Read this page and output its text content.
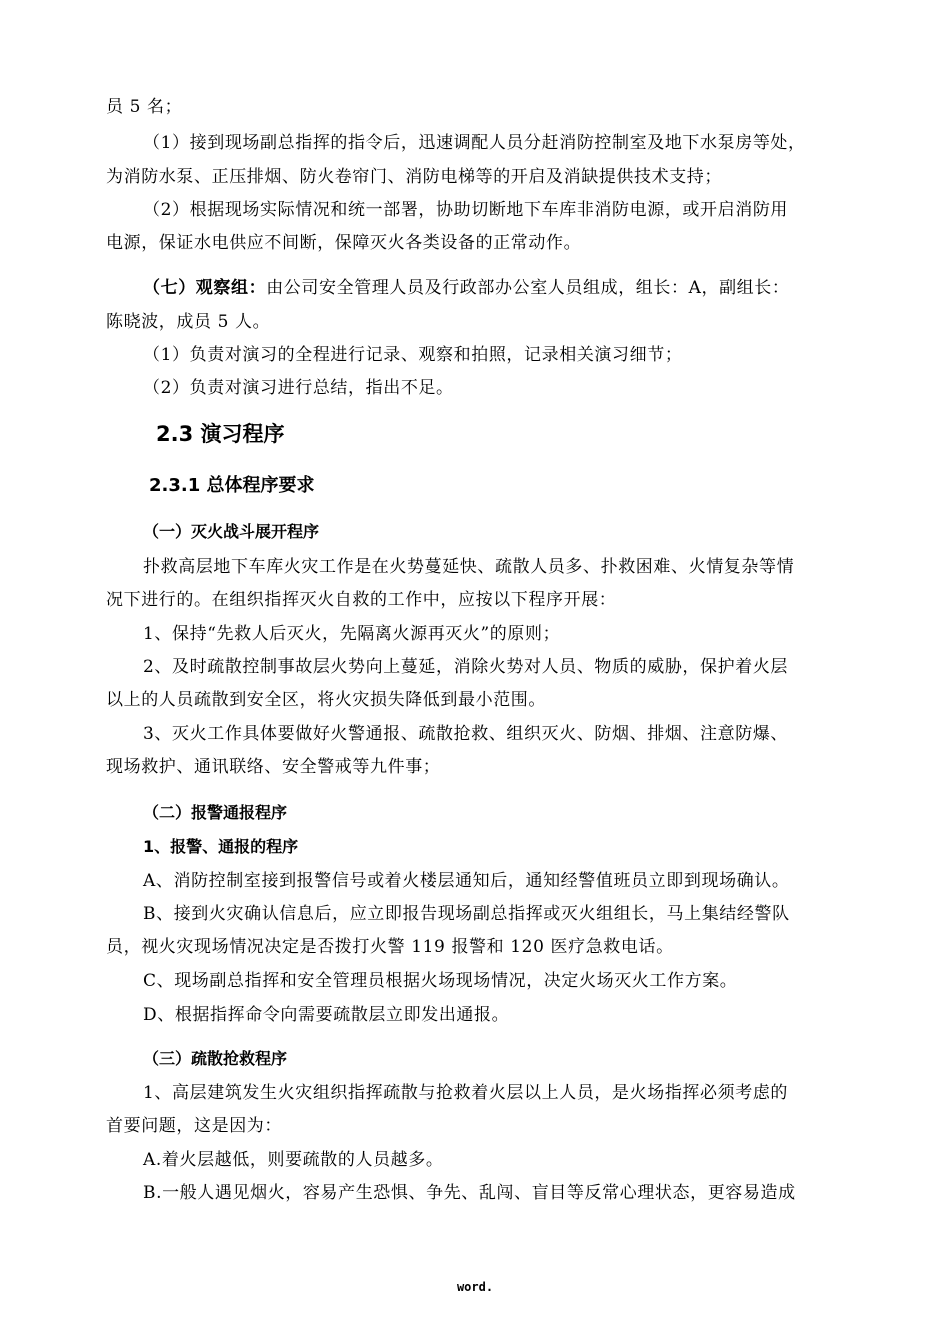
员 5 名；
（1）接到现场副总指挥的指令后，迅速调配人员分赶消防控制室及地下水泵房等处，
为消防水泵、正压排烟、防火卷帘门、消防电梯等的开启及消缺提供技术支持；
（2）根据现场实际情况和统一部署，协助切断地下车库非消防电源，或开启消防用
电源，保证水电供应不间断，保障灭火各类设备的正常动作。
（七）观察组：由公司安全管理人员及行政部办公室人员组成，组长：A，副组长：
陈晓波，成员 5 人。
（1）负责对演习的全程进行记录、观察和拍照，记录相关演习细节；
（2）负责对演习进行总结，指出不足。
2.3 演习程序
2.3.1 总体程序要求
（一）灭火战斗展开程序
扑救高层地下车库火灾工作是在火势蔓延快、疏散人员多、扑救困难、火情复杂等情
况下进行的。在组织指挥灭火自救的工作中，应按以下程序开展：
1、保持“先救人后灭火，先隔离火源再灭火”的原则；
2、及时疏散控制事故层火势向上蔓延，消除火势对人员、物质的威胁，保护着火层
以上的人员疏散到安全区，将火灾损失降低到最小范围。
3、灭火工作具体要做好火警通报、疏散抢救、组织灭火、防烟、排烟、注意防爆、
现场救护、通讯联络、安全警戒等九件事；
（二）报警通报程序
1、报警、通报的程序
A、消防控制室接到报警信号或着火楼层通知后，通知经警值班员立即到现场确认。
B、接到火灾确认信息后，应立即报告现场副总指挥或灭火组组长，马上集结经警队
员，视火灾现场情况决定是否拨打火警 119 报警和 120 医疗急救电话。
C、现场副总指挥和安全管理员根据火场现场情况，决定火场灭火工作方案。
D、根据指挥命令向需要疏散层立即发出通报。
（三）疏散抢救程序
1、高层建筑发生火灾组织指挥疏散与抢救着火层以上人员，是火场指挥必须考虑的
首要问题，这是因为：
A.着火层越低，则要疏散的人员越多。
B.一般人遇见烟火，容易产生恐惧、争先、乱闯、盲目等反常心理状态，更容易造成
word.
